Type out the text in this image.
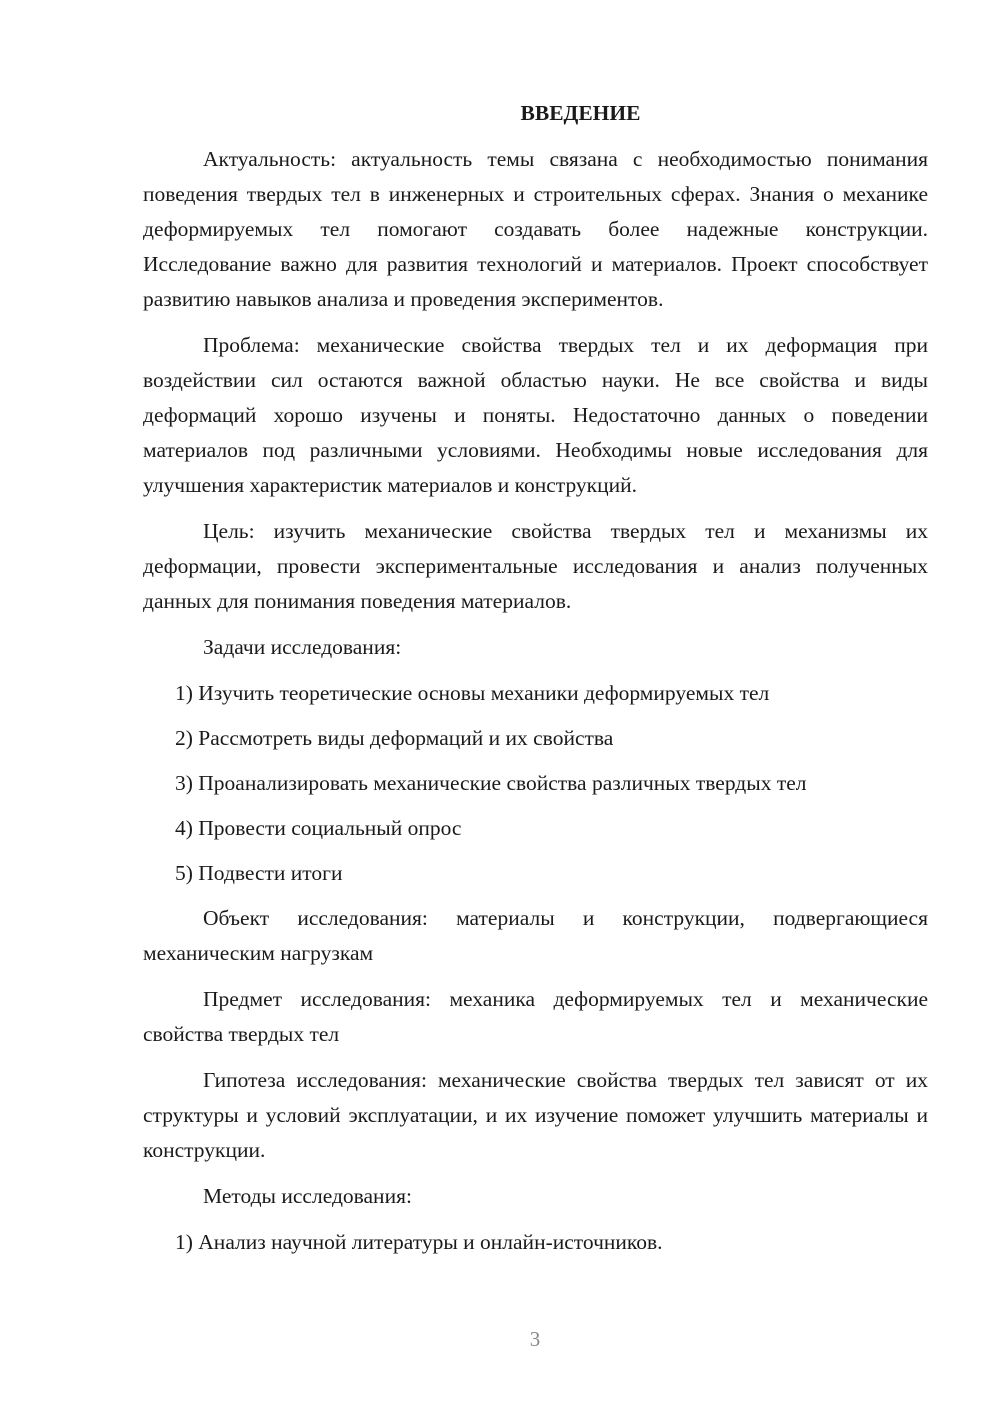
ВВЕДЕНИЕ

Актуальность: актуальность темы связана с необходимостью понимания поведения твердых тел в инженерных и строительных сферах. Знания о механике деформируемых тел помогают создавать более надежные конструкции. Исследование важно для развития технологий и материалов. Проект способствует развитию навыков анализа и проведения экспериментов.

Проблема: механические свойства твердых тел и их деформация при воздействии сил остаются важной областью науки. Не все свойства и виды деформаций хорошо изучены и поняты. Недостаточно данных о поведении материалов под различными условиями. Необходимы новые исследования для улучшения характеристик материалов и конструкций.

Цель: изучить механические свойства твердых тел и механизмы их деформации, провести экспериментальные исследования и анализ полученных данных для понимания поведения материалов.

Задачи исследования:

1) Изучить теоретические основы механики деформируемых тел
2) Рассмотреть виды деформаций и их свойства
3) Проанализировать механические свойства различных твердых тел
4) Провести социальный опрос
5) Подвести итоги

Объект исследования: материалы и конструкции, подвергающиеся механическим нагрузкам

Предмет исследования: механика деформируемых тел и механические свойства твердых тел

Гипотеза исследования: механические свойства твердых тел зависят от их структуры и условий эксплуатации, и их изучение поможет улучшить материалы и конструкции.

Методы исследования:

1) Анализ научной литературы и онлайн-источников.
3
